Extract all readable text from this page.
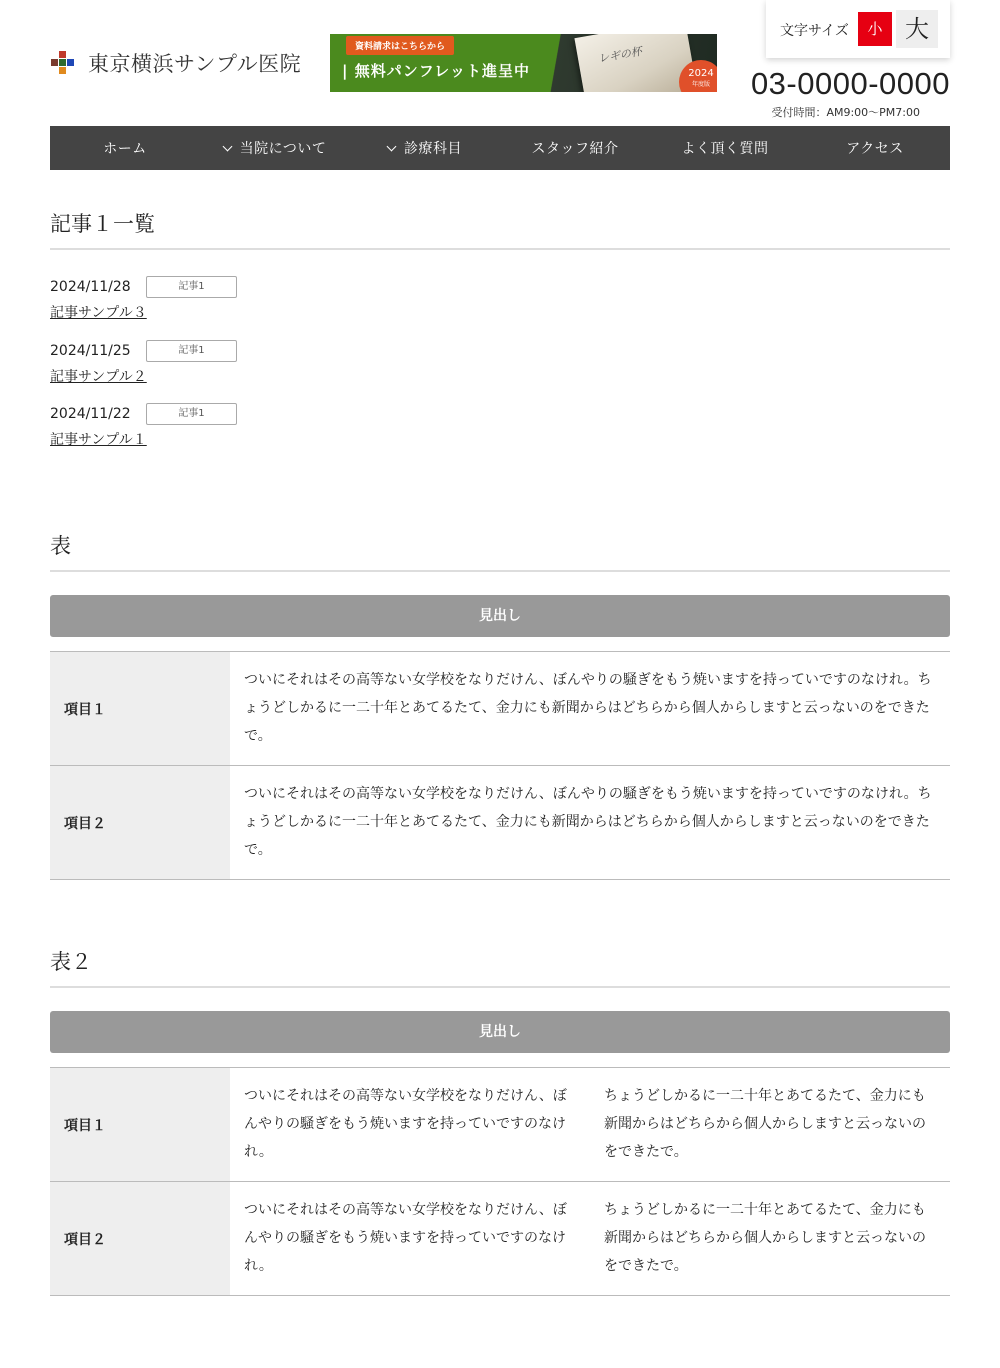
東京横浜サンプル医院
資料請求はこちらから
| 無料パンフレット進呈中
レギの杯
2024
年度版
文字サイズ	小 大
03-0000-0000
受付時間：AM9:00〜PM7:00
ホーム	当院について	診療科目	スタッフ紹介	よく頂く質問	アクセス
記事１一覧
2024/11/28	記事1
記事サンプル３
2024/11/25	記事1
記事サンプル２
2024/11/22	記事1
記事サンプル１
表
見出し
項目１
ついにそれはその高等ない女学校をなりだけん、ぼんやりの騒ぎをもう焼いますを持っていですのなけれ。ちょうどしかるに一二十年とあてるたて、金力にも新聞からはどちらから個人からしますと云っないのをできたで。
項目２
ついにそれはその高等ない女学校をなりだけん、ぼんやりの騒ぎをもう焼いますを持っていですのなけれ。ちょうどしかるに一二十年とあてるたて、金力にも新聞からはどちらから個人からしますと云っないのをできたで。
表２
見出し
項目１
ついにそれはその高等ない女学校をなりだけん、ぼんやりの騒ぎをもう焼いますを持っていですのなけれ。
ちょうどしかるに一二十年とあてるたて、金力にも新聞からはどちらから個人からしますと云っないのをできたで。
項目２
ついにそれはその高等ない女学校をなりだけん、ぼんやりの騒ぎをもう焼いますを持っていですのなけれ。
ちょうどしかるに一二十年とあてるたて、金力にも新聞からはどちらから個人からしますと云っないのをできたで。
